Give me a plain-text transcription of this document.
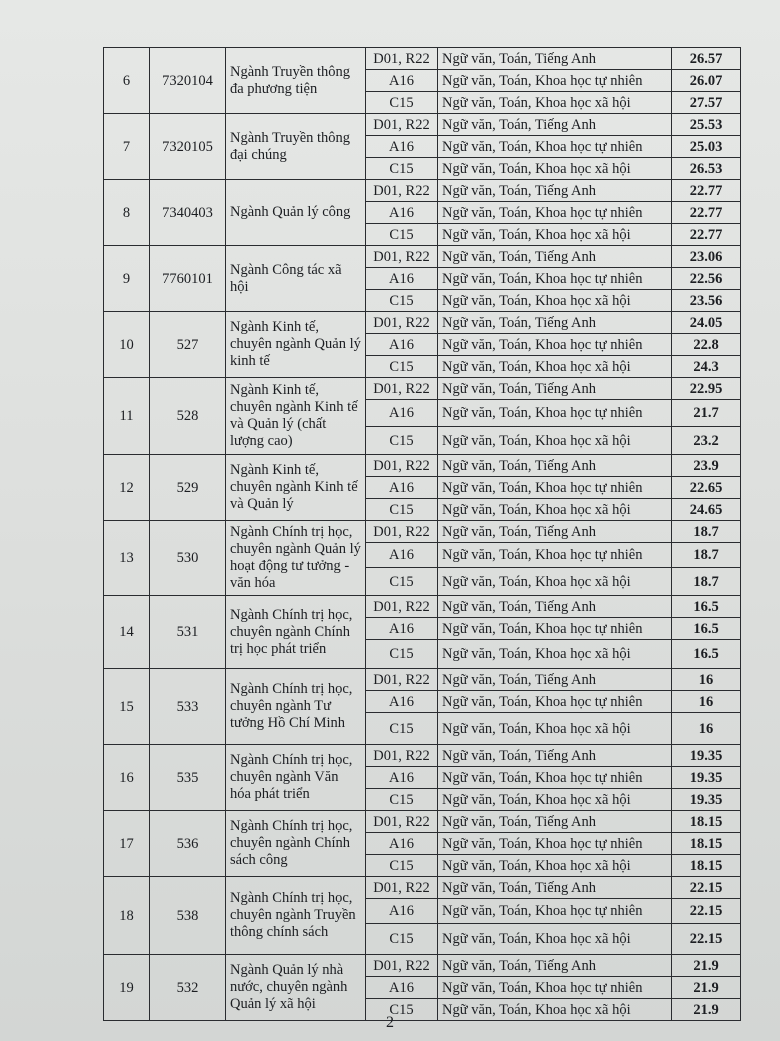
6	7320104	Ngành Truyền thông đa phương tiện	D01, R22	Ngữ văn, Toán, Tiếng Anh	26.57
			A16	Ngữ văn, Toán, Khoa học tự nhiên	26.07
			C15	Ngữ văn, Toán, Khoa học xã hội	27.57
7	7320105	Ngành Truyền thông đại chúng	D01, R22	Ngữ văn, Toán, Tiếng Anh	25.53
			A16	Ngữ văn, Toán, Khoa học tự nhiên	25.03
			C15	Ngữ văn, Toán, Khoa học xã hội	26.53
8	7340403	Ngành Quản lý công	D01, R22	Ngữ văn, Toán, Tiếng Anh	22.77
			A16	Ngữ văn, Toán, Khoa học tự nhiên	22.77
			C15	Ngữ văn, Toán, Khoa học xã hội	22.77
9	7760101	Ngành Công tác xã hội	D01, R22	Ngữ văn, Toán, Tiếng Anh	23.06
			A16	Ngữ văn, Toán, Khoa học tự nhiên	22.56
			C15	Ngữ văn, Toán, Khoa học xã hội	23.56
10	527	Ngành Kinh tế, chuyên ngành Quản lý kinh tế	D01, R22	Ngữ văn, Toán, Tiếng Anh	24.05
			A16	Ngữ văn, Toán, Khoa học tự nhiên	22.8
			C15	Ngữ văn, Toán, Khoa học xã hội	24.3
11	528	Ngành Kinh tế, chuyên ngành Kinh tế và Quản lý (chất lượng cao)	D01, R22	Ngữ văn, Toán, Tiếng Anh	22.95
			A16	Ngữ văn, Toán, Khoa học tự nhiên	21.7
			C15	Ngữ văn, Toán, Khoa học xã hội	23.2
12	529	Ngành Kinh tế, chuyên ngành Kinh tế và Quản lý	D01, R22	Ngữ văn, Toán, Tiếng Anh	23.9
			A16	Ngữ văn, Toán, Khoa học tự nhiên	22.65
			C15	Ngữ văn, Toán, Khoa học xã hội	24.65
13	530	Ngành Chính trị học, chuyên ngành Quản lý hoạt động tư tưởng - văn hóa	D01, R22	Ngữ văn, Toán, Tiếng Anh	18.7
			A16	Ngữ văn, Toán, Khoa học tự nhiên	18.7
			C15	Ngữ văn, Toán, Khoa học xã hội	18.7
14	531	Ngành Chính trị học, chuyên ngành Chính trị học phát triển	D01, R22	Ngữ văn, Toán, Tiếng Anh	16.5
			A16	Ngữ văn, Toán, Khoa học tự nhiên	16.5
			C15	Ngữ văn, Toán, Khoa học xã hội	16.5
15	533	Ngành Chính trị học, chuyên ngành Tư tưởng Hồ Chí Minh	D01, R22	Ngữ văn, Toán, Tiếng Anh	16
			A16	Ngữ văn, Toán, Khoa học tự nhiên	16
			C15	Ngữ văn, Toán, Khoa học xã hội	16
16	535	Ngành Chính trị học, chuyên ngành Văn hóa phát triển	D01, R22	Ngữ văn, Toán, Tiếng Anh	19.35
			A16	Ngữ văn, Toán, Khoa học tự nhiên	19.35
			C15	Ngữ văn, Toán, Khoa học xã hội	19.35
17	536	Ngành Chính trị học, chuyên ngành Chính sách công	D01, R22	Ngữ văn, Toán, Tiếng Anh	18.15
			A16	Ngữ văn, Toán, Khoa học tự nhiên	18.15
			C15	Ngữ văn, Toán, Khoa học xã hội	18.15
18	538	Ngành Chính trị học, chuyên ngành Truyền thông chính sách	D01, R22	Ngữ văn, Toán, Tiếng Anh	22.15
			A16	Ngữ văn, Toán, Khoa học tự nhiên	22.15
			C15	Ngữ văn, Toán, Khoa học xã hội	22.15
19	532	Ngành Quản lý nhà nước, chuyên ngành Quản lý xã hội	D01, R22	Ngữ văn, Toán, Tiếng Anh	21.9
			A16	Ngữ văn, Toán, Khoa học tự nhiên	21.9
			C15	Ngữ văn, Toán, Khoa học xã hội	21.9
2
